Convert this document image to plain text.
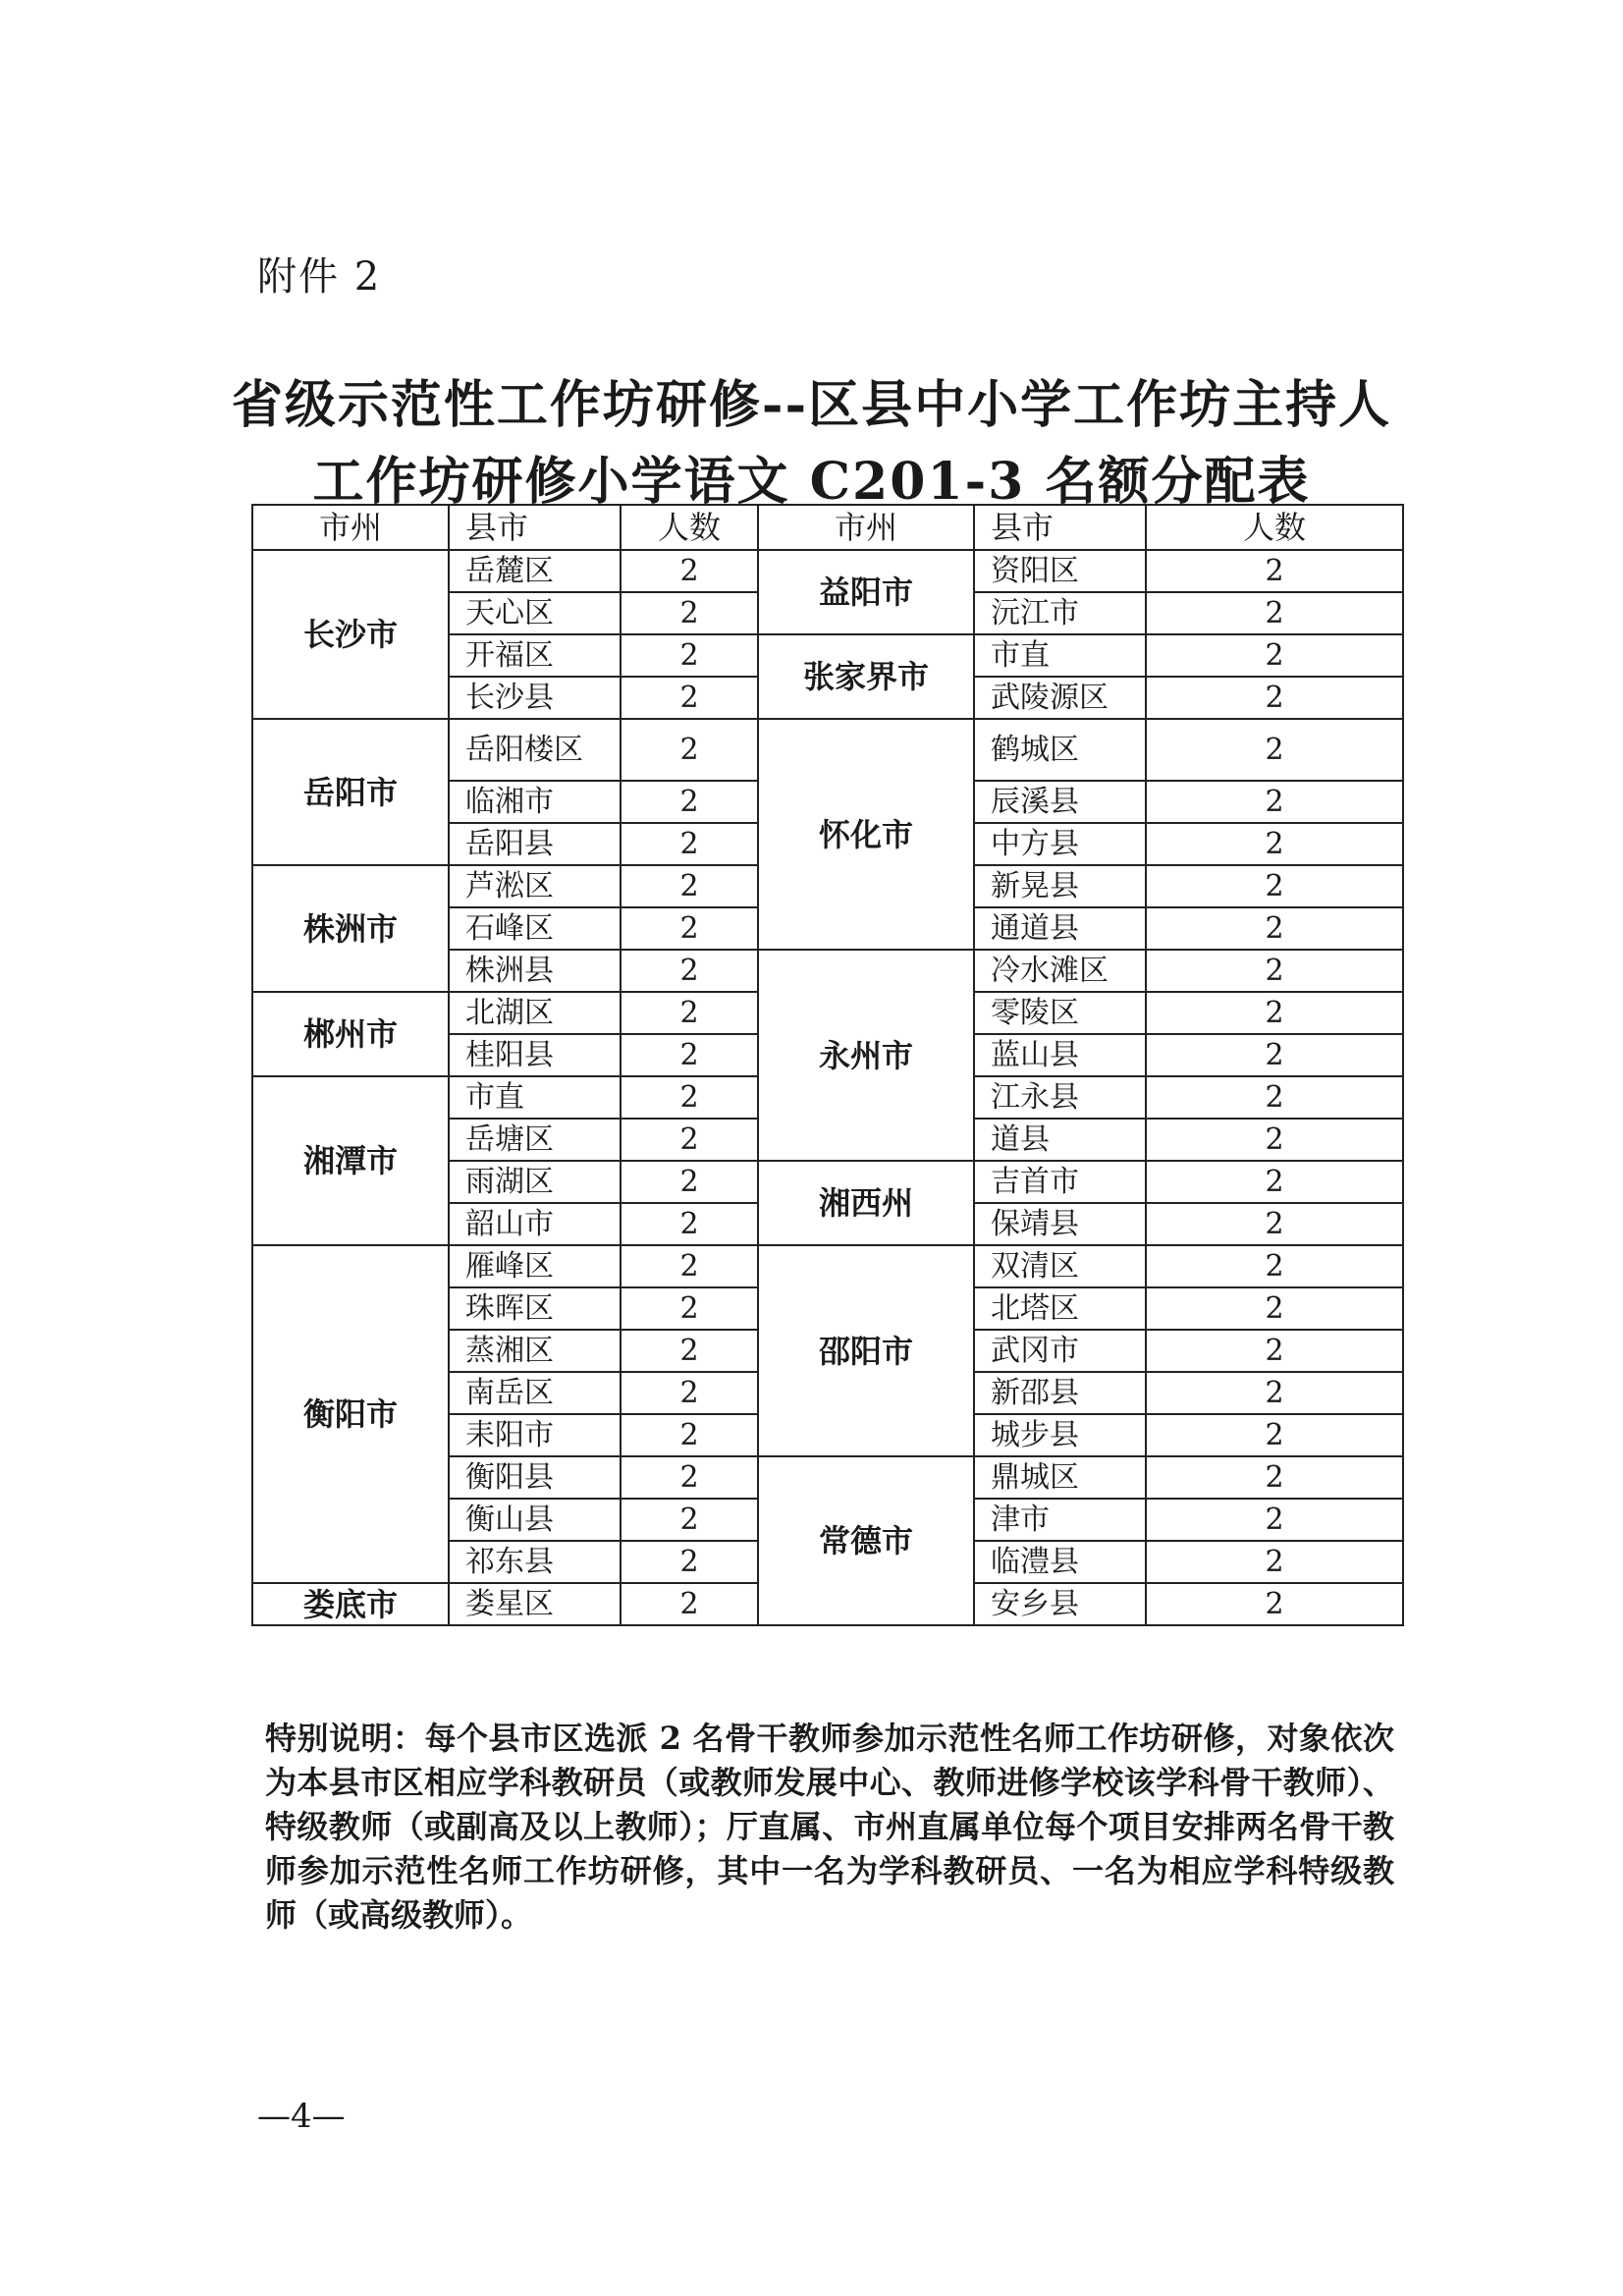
附件 2
省级示范性工作坊研修--区县中小学工作坊主持人
工作坊研修小学语文 C201-3 名额分配表
市州	县市	人数	市州	县市	人数
长沙市	岳麓区	2	益阳市	资阳区	2
	天心区	2		沅江市	2
	开福区	2	张家界市	市直	2
	长沙县	2		武陵源区	2
岳阳市	岳阳楼区	2	怀化市	鹤城区	2
	临湘市	2		辰溪县	2
	岳阳县	2		中方县	2
株洲市	芦淞区	2		新晃县	2
	石峰区	2		通道县	2
	株洲县	2	永州市	冷水滩区	2
郴州市	北湖区	2		零陵区	2
	桂阳县	2		蓝山县	2
湘潭市	市直	2		江永县	2
	岳塘区	2		道县	2
	雨湖区	2	湘西州	吉首市	2
	韶山市	2		保靖县	2
衡阳市	雁峰区	2	邵阳市	双清区	2
	珠晖区	2		北塔区	2
	蒸湘区	2		武冈市	2
	南岳区	2		新邵县	2
	耒阳市	2		城步县	2
	衡阳县	2	常德市	鼎城区	2
	衡山县	2		津市	2
	祁东县	2		临澧县	2
娄底市	娄星区	2		安乡县	2
特别说明：每个县市区选派 2 名骨干教师参加示范性名师工作坊研修，对象依次为本县市区相应学科教研员（或教师发展中心、教师进修学校该学科骨干教师）、特级教师（或副高及以上教师）；厅直属、市州直属单位每个项目安排两名骨干教师参加示范性名师工作坊研修，其中一名为学科教研员、一名为相应学科特级教师（或高级教师）。
—4—
